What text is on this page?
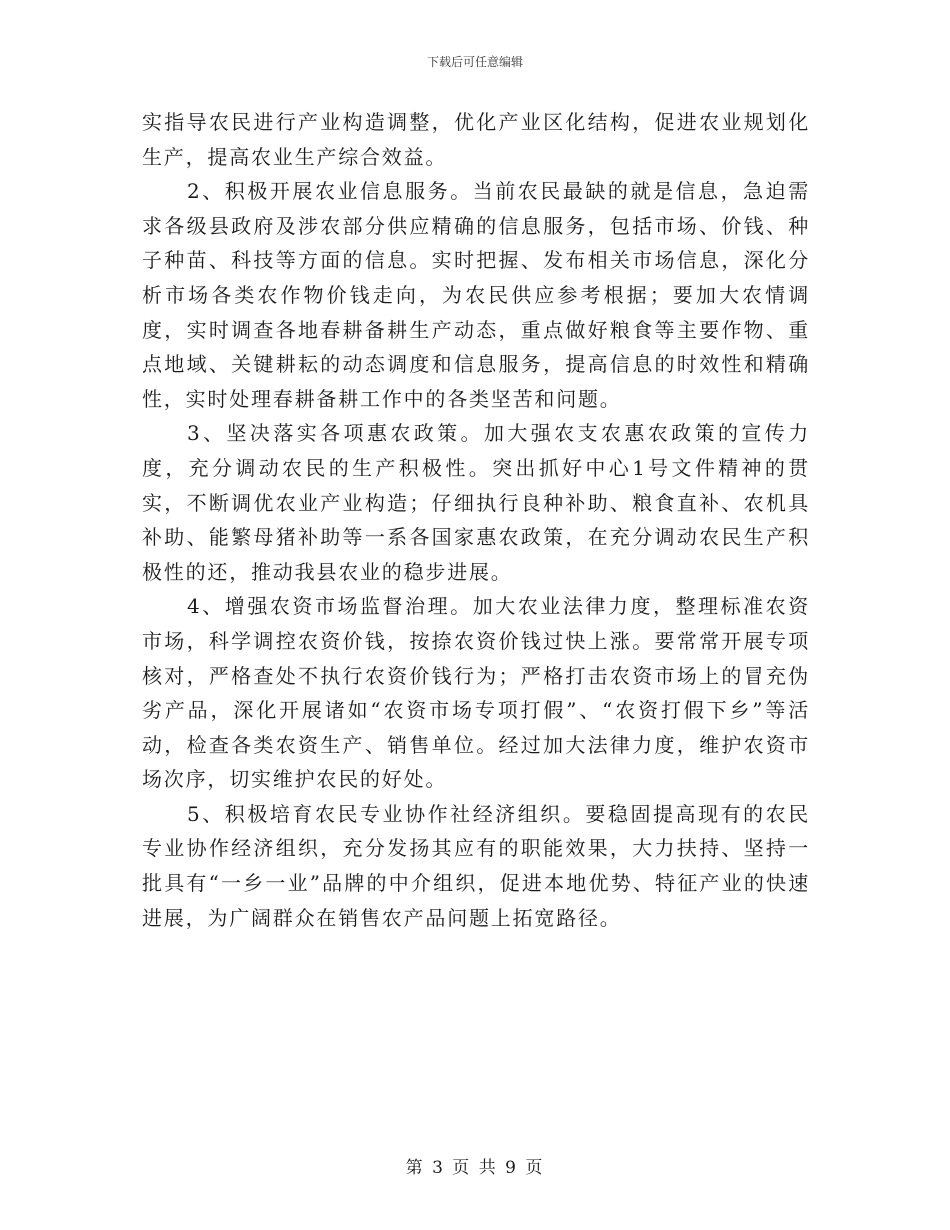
下载后可任意编辑

实指导农民进行产业构造调整，优化产业区化结构，促进农业规划化生产，提高农业生产综合效益。

2、积极开展农业信息服务。当前农民最缺的就是信息，急迫需求各级县政府及涉农部分供应精确的信息服务，包括市场、价钱、种子种苗、科技等方面的信息。实时把握、发布相关市场信息，深化分析市场各类农作物价钱走向，为农民供应参考根据；要加大农情调度，实时调查各地春耕备耕生产动态，重点做好粮食等主要作物、重点地域、关键耕耘的动态调度和信息服务，提高信息的时效性和精确性，实时处理春耕备耕工作中的各类坚苦和问题。

3、坚决落实各项惠农政策。加大强农支农惠农政策的宣传力度，充分调动农民的生产积极性。突出抓好中心1号文件精神的贯实，不断调优农业产业构造；仔细执行良种补助、粮食直补、农机具补助、能繁母猪补助等一系各国家惠农政策，在充分调动农民生产积极性的还，推动我县农业的稳步进展。

4、增强农资市场监督治理。加大农业法律力度，整理标准农资市场，科学调控农资价钱，按捺农资价钱过快上涨。要常常开展专项核对，严格查处不执行农资价钱行为；严格打击农资市场上的冒充伪劣产品，深化开展诸如“农资市场专项打假”、“农资打假下乡”等活动，检查各类农资生产、销售单位。经过加大法律力度，维护农资市场次序，切实维护农民的好处。

5、积极培育农民专业协作社经济组织。要稳固提高现有的农民专业协作经济组织，充分发扬其应有的职能效果，大力扶持、坚持一批具有“一乡一业”品牌的中介组织，促进本地优势、特征产业的快速进展，为广阔群众在销售农产品问题上拓宽路径。

第 3 页 共 9 页
